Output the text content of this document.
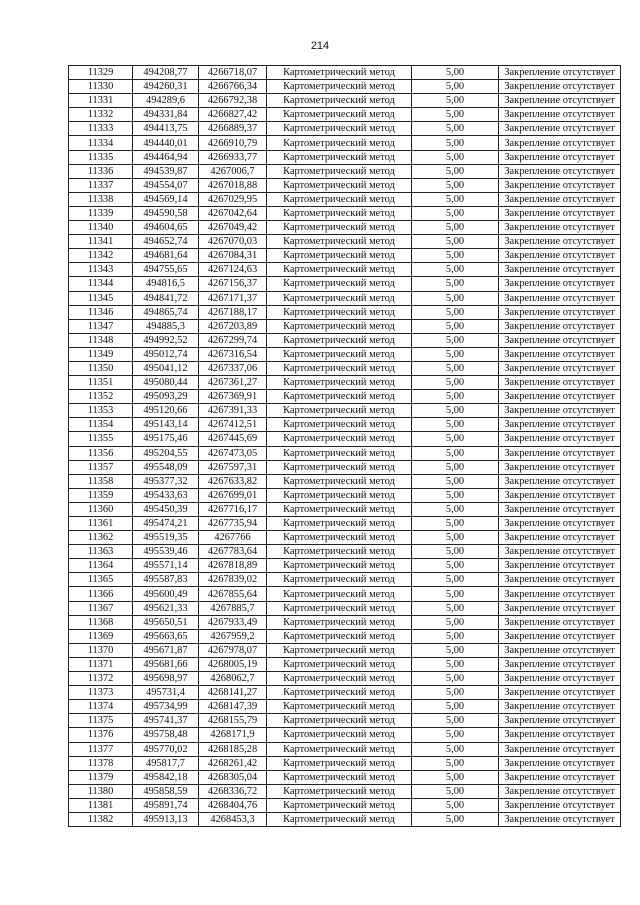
214
11329	494208,77	4266718,07	Картометрический метод	5,00	Закрепление отсутствует
11330	494260,31	4266766,34	Картометрический метод	5,00	Закрепление отсутствует
11331	494289,6	4266792,38	Картометрический метод	5,00	Закрепление отсутствует
11332	494331,84	4266827,42	Картометрический метод	5,00	Закрепление отсутствует
11333	494413,75	4266889,37	Картометрический метод	5,00	Закрепление отсутствует
11334	494440,01	4266910,79	Картометрический метод	5,00	Закрепление отсутствует
11335	494464,94	4266933,77	Картометрический метод	5,00	Закрепление отсутствует
11336	494539,87	4267006,7	Картометрический метод	5,00	Закрепление отсутствует
11337	494554,07	4267018,88	Картометрический метод	5,00	Закрепление отсутствует
11338	494569,14	4267029,95	Картометрический метод	5,00	Закрепление отсутствует
11339	494590,58	4267042,64	Картометрический метод	5,00	Закрепление отсутствует
11340	494604,65	4267049,42	Картометрический метод	5,00	Закрепление отсутствует
11341	494652,74	4267070,03	Картометрический метод	5,00	Закрепление отсутствует
11342	494681,64	4267084,31	Картометрический метод	5,00	Закрепление отсутствует
11343	494755,65	4267124,63	Картометрический метод	5,00	Закрепление отсутствует
11344	494816,5	4267156,37	Картометрический метод	5,00	Закрепление отсутствует
11345	494841,72	4267171,37	Картометрический метод	5,00	Закрепление отсутствует
11346	494865,74	4267188,17	Картометрический метод	5,00	Закрепление отсутствует
11347	494885,3	4267203,89	Картометрический метод	5,00	Закрепление отсутствует
11348	494992,52	4267299,74	Картометрический метод	5,00	Закрепление отсутствует
11349	495012,74	4267316,54	Картометрический метод	5,00	Закрепление отсутствует
11350	495041,12	4267337,06	Картометрический метод	5,00	Закрепление отсутствует
11351	495080,44	4267361,27	Картометрический метод	5,00	Закрепление отсутствует
11352	495093,29	4267369,91	Картометрический метод	5,00	Закрепление отсутствует
11353	495120,66	4267391,33	Картометрический метод	5,00	Закрепление отсутствует
11354	495143,14	4267412,51	Картометрический метод	5,00	Закрепление отсутствует
11355	495175,46	4267445,69	Картометрический метод	5,00	Закрепление отсутствует
11356	495204,55	4267473,05	Картометрический метод	5,00	Закрепление отсутствует
11357	495548,09	4267597,31	Картометрический метод	5,00	Закрепление отсутствует
11358	495377,32	4267633,82	Картометрический метод	5,00	Закрепление отсутствует
11359	495433,63	4267699,01	Картометрический метод	5,00	Закрепление отсутствует
11360	495450,39	4267716,17	Картометрический метод	5,00	Закрепление отсутствует
11361	495474,21	4267735,94	Картометрический метод	5,00	Закрепление отсутствует
11362	495519,35	4267766	Картометрический метод	5,00	Закрепление отсутствует
11363	495539,46	4267783,64	Картометрический метод	5,00	Закрепление отсутствует
11364	495571,14	4267818,89	Картометрический метод	5,00	Закрепление отсутствует
11365	495587,83	4267839,02	Картометрический метод	5,00	Закрепление отсутствует
11366	495600,49	4267855,64	Картометрический метод	5,00	Закрепление отсутствует
11367	495621,33	4267885,7	Картометрический метод	5,00	Закрепление отсутствует
11368	495650,51	4267933,49	Картометрический метод	5,00	Закрепление отсутствует
11369	495663,65	4267959,2	Картометрический метод	5,00	Закрепление отсутствует
11370	495671,87	4267978,07	Картометрический метод	5,00	Закрепление отсутствует
11371	495681,66	4268005,19	Картометрический метод	5,00	Закрепление отсутствует
11372	495698,97	4268062,7	Картометрический метод	5,00	Закрепление отсутствует
11373	495731,4	4268141,27	Картометрический метод	5,00	Закрепление отсутствует
11374	495734,99	4268147,39	Картометрический метод	5,00	Закрепление отсутствует
11375	495741,37	4268155,79	Картометрический метод	5,00	Закрепление отсутствует
11376	495758,48	4268171,9	Картометрический метод	5,00	Закрепление отсутствует
11377	495770,02	4268185,28	Картометрический метод	5,00	Закрепление отсутствует
11378	495817,7	4268261,42	Картометрический метод	5,00	Закрепление отсутствует
11379	495842,18	4268305,04	Картометрический метод	5,00	Закрепление отсутствует
11380	495858,59	4268336,72	Картометрический метод	5,00	Закрепление отсутствует
11381	495891,74	4268404,76	Картометрический метод	5,00	Закрепление отсутствует
11382	495913,13	4268453,3	Картометрический метод	5,00	Закрепление отсутствует
